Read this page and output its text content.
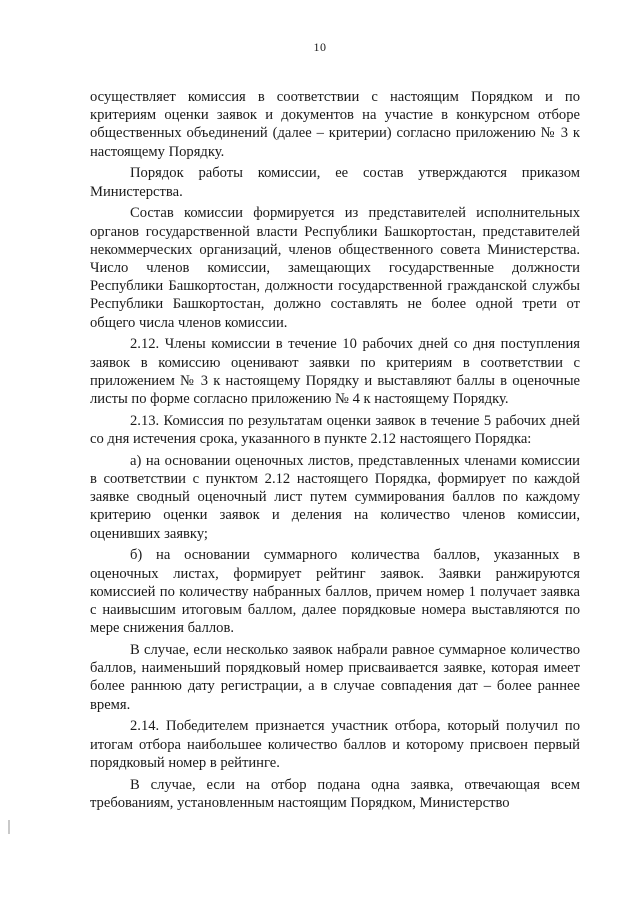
10

осуществляет комиссия в соответствии с настоящим Порядком и по критериям оценки заявок и документов на участие в конкурсном отборе общественных объединений (далее – критерии) согласно приложению № 3 к настоящему Порядку.

Порядок работы комиссии, ее состав утверждаются приказом Министерства.

Состав комиссии формируется из представителей исполнительных органов государственной власти Республики Башкортостан, представителей некоммерческих организаций, членов общественного совета Министерства. Число членов комиссии, замещающих государственные должности Республики Башкортостан, должности государственной гражданской службы Республики Башкортостан, должно составлять не более одной трети от общего числа членов комиссии.

2.12. Члены комиссии в течение 10 рабочих дней со дня поступления заявок в комиссию оценивают заявки по критериям в соответствии с приложением № 3 к настоящему Порядку и выставляют баллы в оценочные листы по форме согласно приложению № 4 к настоящему Порядку.

2.13. Комиссия по результатам оценки заявок в течение 5 рабочих дней со дня истечения срока, указанного в пункте 2.12 настоящего Порядка:

а) на основании оценочных листов, представленных членами комиссии в соответствии с пунктом 2.12 настоящего Порядка, формирует по каждой заявке сводный оценочный лист путем суммирования баллов по каждому критерию оценки заявок и деления на количество членов комиссии, оценивших заявку;

б) на основании суммарного количества баллов, указанных в оценочных листах, формирует рейтинг заявок. Заявки ранжируются комиссией по количеству набранных баллов, причем номер 1 получает заявка с наивысшим итоговым баллом, далее порядковые номера выставляются по мере снижения баллов.

В случае, если несколько заявок набрали равное суммарное количество баллов, наименьший порядковый номер присваивается заявке, которая имеет более раннюю дату регистрации, а в случае совпадения дат – более раннее время.

2.14. Победителем признается участник отбора, который получил по итогам отбора наибольшее количество баллов и которому присвоен первый порядковый номер в рейтинге.

В случае, если на отбор подана одна заявка, отвечающая всем требованиям, установленным настоящим Порядком, Министерство
